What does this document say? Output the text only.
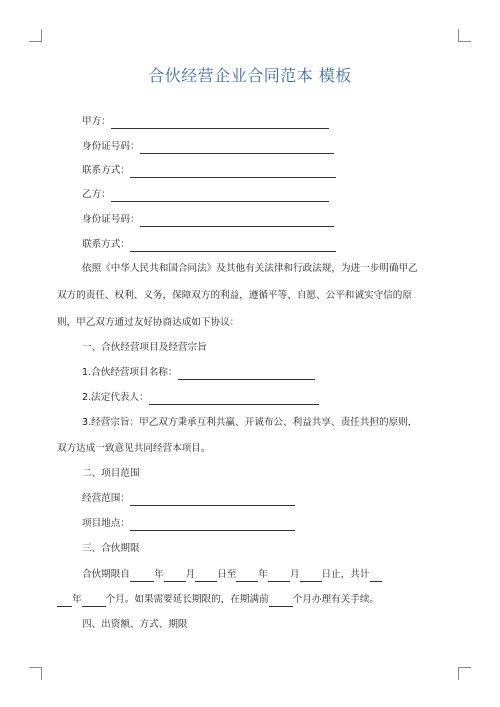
合伙经营企业合同范本 模板
甲方：
身份证号码：
联系方式：
乙方：
身份证号码：
联系方式：
依照《中华人民共和国合同法》及其他有关法律和行政法规，为进一步明确甲乙
双方的责任、权利、义务，保障双方的利益，遵循平等、自愿、公平和诚实守信的原
则，甲乙双方通过友好协商达成如下协议：
一、合伙经营项目及经营宗旨
1.合伙经营项目名称：
2.法定代表人：
3.经营宗旨：甲乙双方秉承互利共赢、开诚布公、利益共享、责任共担的原则，
双方达成一致意见共同经营本项目。
二、项目范围
经营范围：
项目地点：
三、合伙期限
合伙期限自	年 月 日至 年 月 日止，共计
年	个月。如果需要延长期限的，在期满前	个月办理有关手续。
四、出资额、方式、期限
